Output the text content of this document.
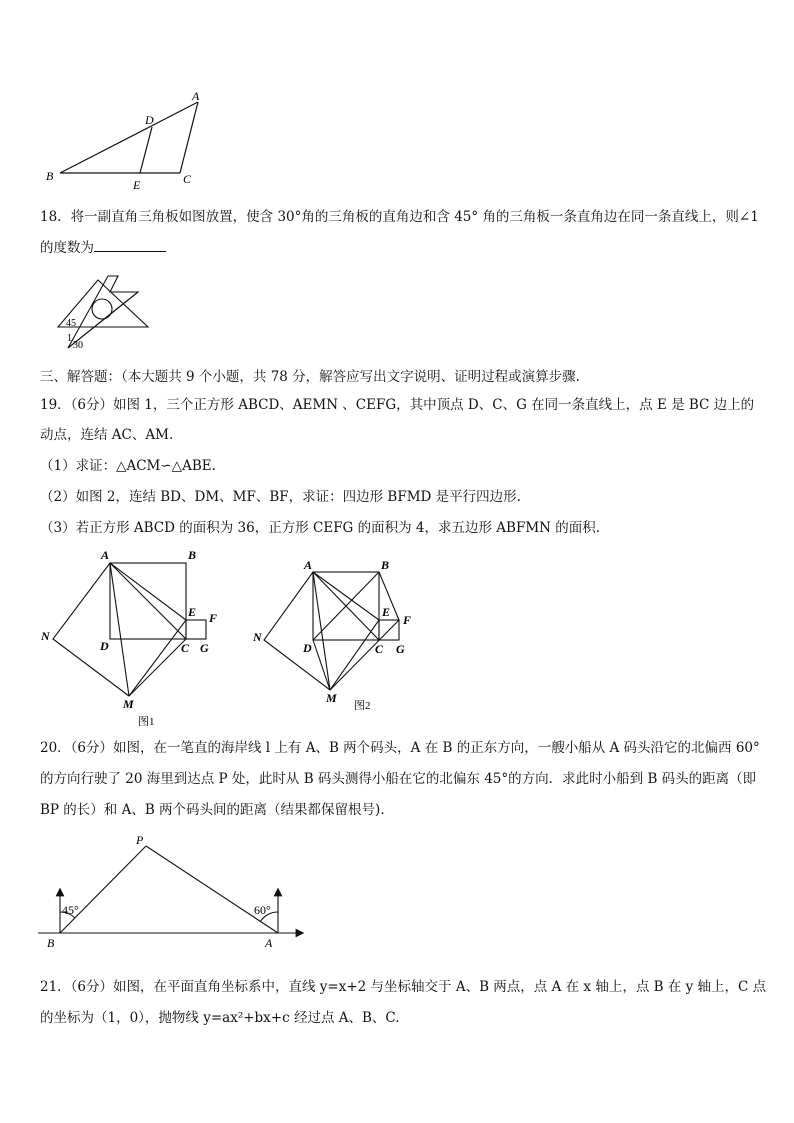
A
D
B
E	C
18．将一副直角三角板如图放置，使含 30°角的三角板的直角边和含 45° 角的三角板一条直角边在同一条直线上，则∠1
的度数为
45
1
30
三、解答题：（本大题共 9 个小题，共 78 分，解答应写出文字说明、证明过程或演算步骤.
19．（6分）如图 1，三个正方形 ABCD、AEMN 、CEFG，其中顶点 D、C、G 在同一条直线上，点 E 是 BC 边上的
动点，连结 AC、AM.
（1）求证：△ACM∽△ABE.
（2）如图 2，连结 BD、DM、MF、BF，求证：四边形 BFMD 是平行四边形.
（3）若正方形 ABCD 的面积为 36，正方形 CEFG 的面积为 4，求五边形 ABFMN 的面积.
A	B
E F
N
D	C G
M
图1
A	B
E
F
N
D	C G
M
图2
20．（6分）如图，在一笔直的海岸线 l 上有 A、B 两个码头，A 在 B 的正东方向，一艘小船从 A 码头沿它的北偏西 60°
的方向行驶了 20 海里到达点 P 处，此时从 B 码头测得小船在它的北偏东 45°的方向．求此时小船到 B 码头的距离（即
BP 的长）和 A、B 两个码头间的距离（结果都保留根号).
P
45°	60°
B	A
21．（6分）如图，在平面直角坐标系中，直线 y=x+2 与坐标轴交于 A、B 两点，点 A 在 x 轴上，点 B 在 y 轴上，C 点
的坐标为（1，0），抛物线 y=ax²+bx+c 经过点 A、B、C.
